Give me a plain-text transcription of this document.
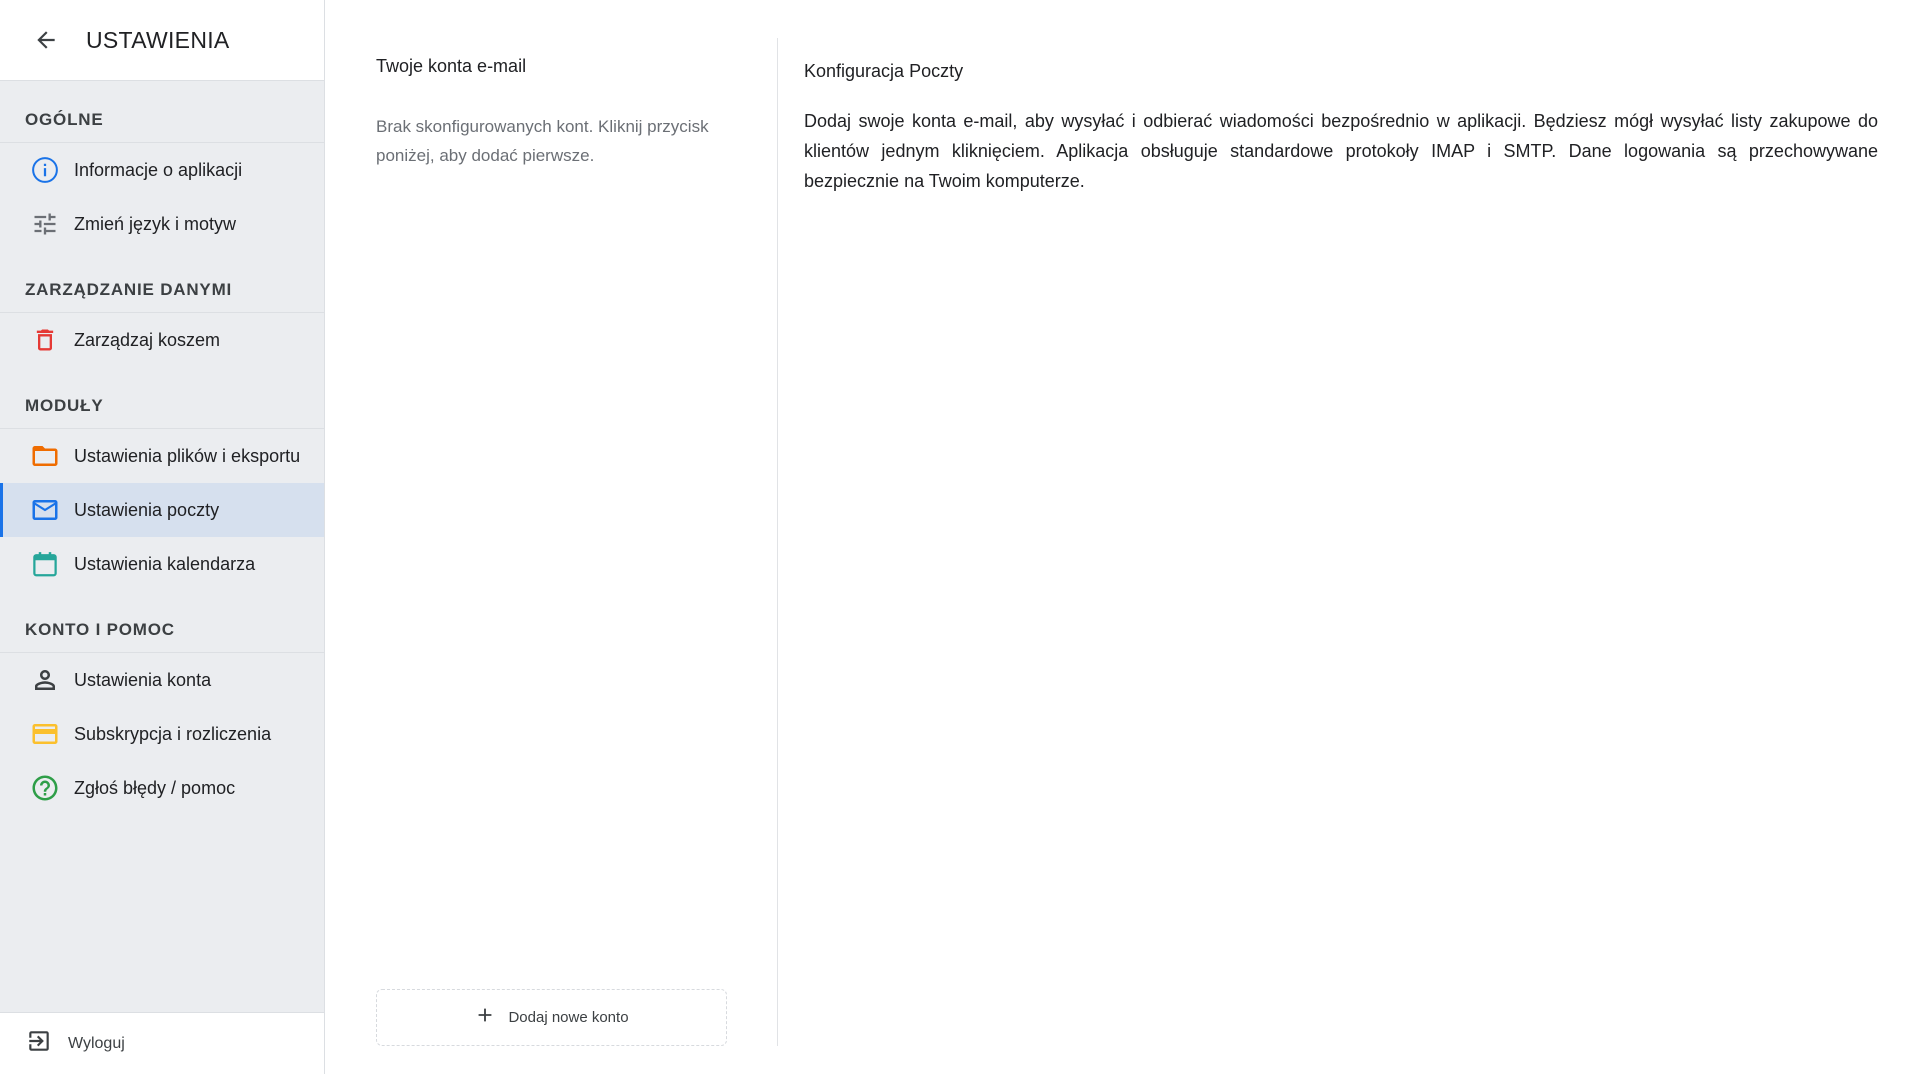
USTAWIENIA
OGÓLNE
Informacje o aplikacji
Zmień język i motyw
ZARZĄDZANIE DANYMI
Zarządzaj koszem
MODUŁY
Ustawienia plików i eksportu
Ustawienia poczty
Ustawienia kalendarza
KONTO I POMOC
Ustawienia konta
Subskrypcja i rozliczenia
Zgłoś błędy / pomoc
Wyloguj
Twoje konta e-mail
Brak skonfigurowanych kont. Kliknij przycisk poniżej, aby dodać pierwsze.
Dodaj nowe konto
Konfiguracja Poczty
Dodaj swoje konta e-mail, aby wysyłać i odbierać wiadomości bezpośrednio w aplikacji. Będziesz mógł wysyłać listy zakupowe do klientów jednym kliknięciem. Aplikacja obsługuje standardowe protokoły IMAP i SMTP. Dane logowania są przechowywane bezpiecznie na Twoim komputerze.
